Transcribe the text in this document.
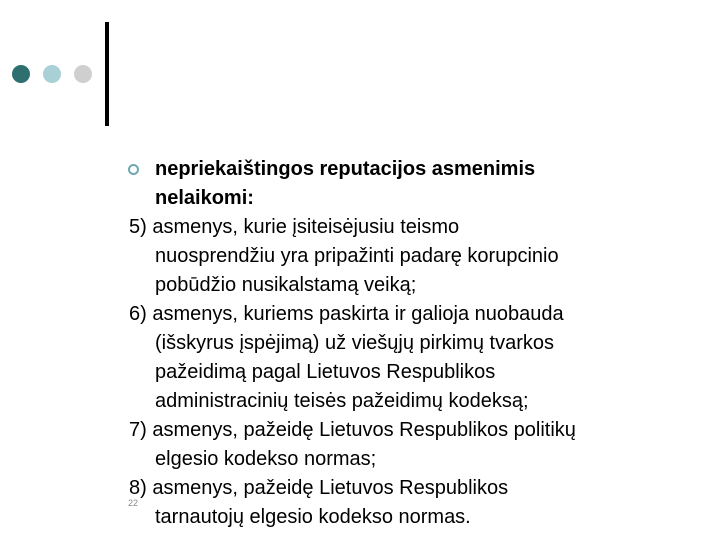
nepriekaištingos reputacijos asmenimis
nelaikomi:
5) asmenys, kurie įsiteisėjusiu teismo
nuosprendžiu yra pripažinti padarę korupcinio
pobūdžio nusikalstamą veiką;
6) asmenys, kuriems paskirta ir galioja nuobauda
(išskyrus įspėjimą) už viešųjų pirkimų tvarkos
pažeidimą pagal Lietuvos Respublikos
administracinių teisės pažeidimų kodeksą;
7) asmenys, pažeidę Lietuvos Respublikos politikų
elgesio kodekso normas;
8) asmenys, pažeidę Lietuvos Respublikos
tarnautojų elgesio kodekso normas.
22
